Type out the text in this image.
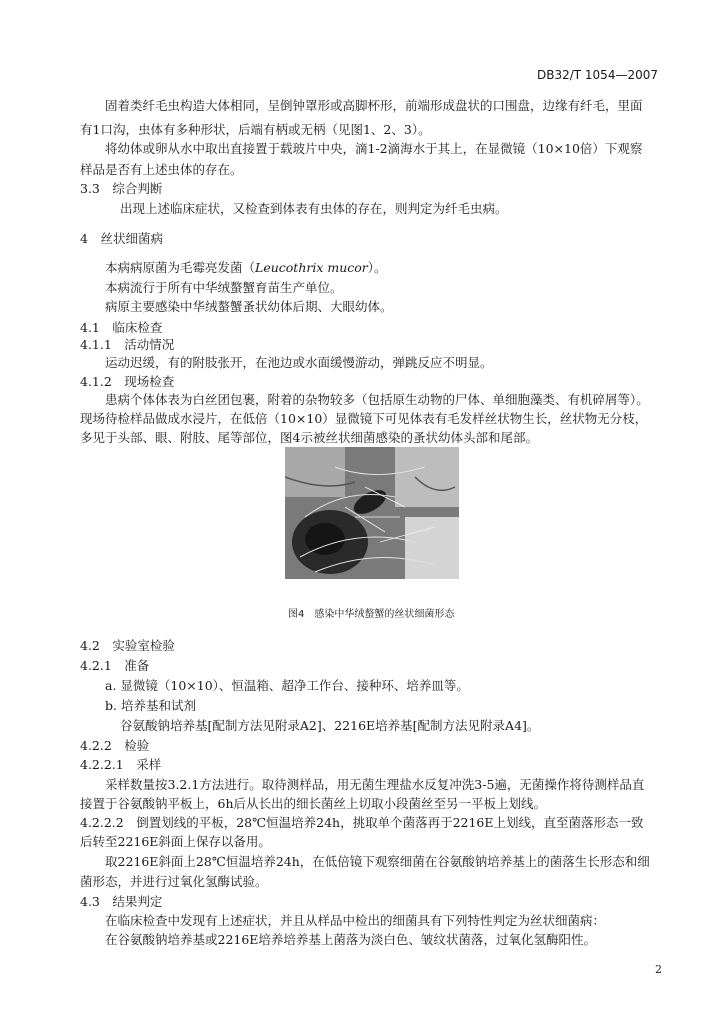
DB32/T 1054—2007
固着类纤毛虫构造大体相同，呈倒钟罩形或高脚杯形，前端形成盘状的口围盘，边缘有纤毛，里面
有1口沟，虫体有多种形状，后端有柄或无柄（见图1、2、3）。
将幼体或卵从水中取出直接置于载玻片中央，滴1-2滴海水于其上，在显微镜（10×10倍）下观察
样品是否有上述虫体的存在。
3.3　综合判断
出现上述临床症状，又检查到体表有虫体的存在，则判定为纤毛虫病。
4　丝状细菌病
本病病原菌为毛霉亮发菌（Leucothrix mucor）。
本病流行于所有中华绒螯蟹育苗生产单位。
病原主要感染中华绒螯蟹蚤状幼体后期、大眼幼体。
4.1　临床检查
4.1.1　活动情况
运动迟缓，有的附肢张开，在池边或水面缓慢游动，弹跳反应不明显。
4.1.2　现场检查
患病个体体表为白丝团包裹，附着的杂物较多（包括原生动物的尸体、单细胞藻类、有机碎屑等）。
现场待检样品做成水浸片，在低倍（10×10）显微镜下可见体表有毛发样丝状物生长，丝状物无分枝，
多见于头部、眼、附肢、尾等部位，图4示被丝状细菌感染的蚤状幼体头部和尾部。
图4　感染中华绒螯蟹的丝状细菌形态
4.2　实验室检验
4.2.1　准备
a. 显微镜（10×10）、恒温箱、超净工作台、接种环、培养皿等。
b. 培养基和试剂
谷氨酸钠培养基[配制方法见附录A2]、2216E培养基[配制方法见附录A4]。
4.2.2　检验
4.2.2.1　采样
采样数量按3.2.1方法进行。取待测样品，用无菌生理盐水反复冲洗3-5遍，无菌操作将待测样品直
接置于谷氨酸钠平板上，6h后从长出的细长菌丝上切取小段菌丝至另一平板上划线。
4.2.2.2　倒置划线的平板，28℃恒温培养24h，挑取单个菌落再于2216E上划线，直至菌落形态一致
后转至2216E斜面上保存以备用。
取2216E斜面上28℃恒温培养24h，在低倍镜下观察细菌在谷氨酸钠培养基上的菌落生长形态和细
菌形态，并进行过氧化氢酶试验。
4.3　结果判定
在临床检查中发现有上述症状，并且从样品中检出的细菌具有下列特性判定为丝状细菌病：
在谷氨酸钠培养基或2216E培养培养基上菌落为淡白色、皱纹状菌落，过氧化氢酶阳性。
2
